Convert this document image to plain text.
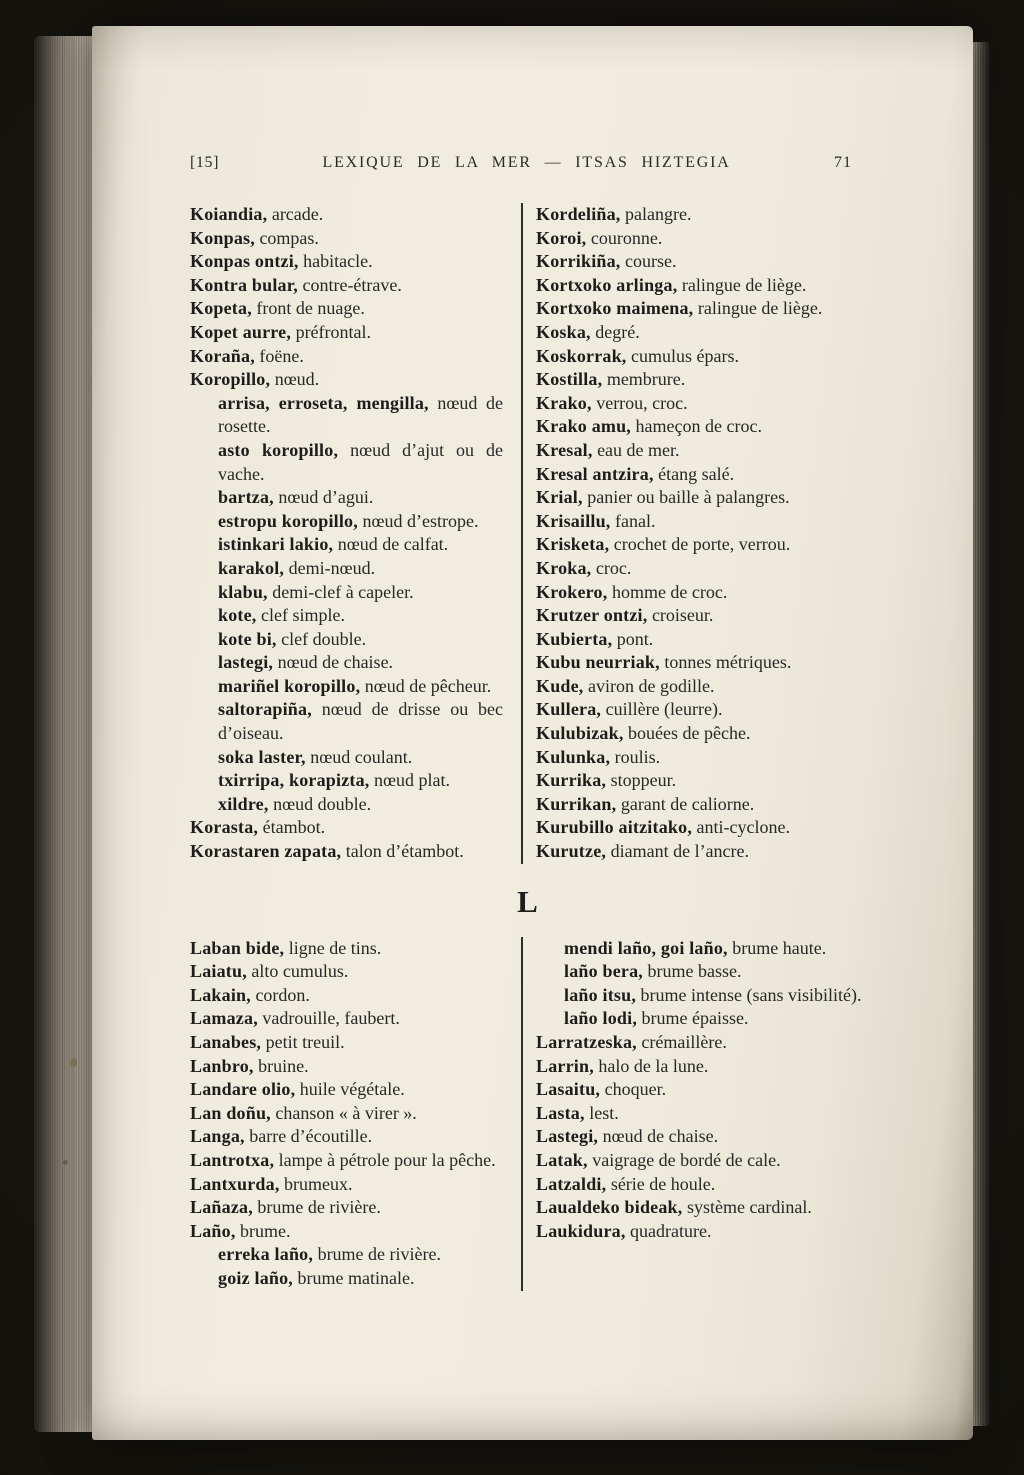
[15]	LEXIQUE DE LA MER — ITSAS HIZTEGIA	71

Koiandia, arcade.

Konpas, compas.

Konpas ontzi, habitacle.

Kontra bular, contre-étrave.

Kopeta, front de nuage.

Kopet aurre, préfrontal.

Koraña, foëne.

Koropillo, nœud.

arrisa, erroseta, mengilla, nœud de rosette.

asto koropillo, nœud d’ajut ou de vache.

bartza, nœud d’agui.

estropu koropillo, nœud d’estrope.

istinkari lakio, nœud de calfat.

karakol, demi-nœud.

klabu, demi-clef à capeler.

kote, clef simple.

kote bi, clef double.

lastegi, nœud de chaise.

mariñel koropillo, nœud de pêcheur.

saltorapiña, nœud de drisse ou bec d’oiseau.

soka laster, nœud coulant.

txirripa, korapizta, nœud plat.

xildre, nœud double.

Korasta, étambot.

Korastaren zapata, talon d’étambot.

Kordeliña, palangre.

Koroi, couronne.

Korrikiña, course.

Kortxoko arlinga, ralingue de liège.

Kortxoko maimena, ralingue de liège.

Koska, degré.

Koskorrak, cumulus épars.

Kostilla, membrure.

Krako, verrou, croc.

Krako amu, hameçon de croc.

Kresal, eau de mer.

Kresal antzira, étang salé.

Krial, panier ou baille à palangres.

Krisaillu, fanal.

Krisketa, crochet de porte, verrou.

Kroka, croc.

Krokero, homme de croc.

Krutzer ontzi, croiseur.

Kubierta, pont.

Kubu neurriak, tonnes métriques.

Kude, aviron de godille.

Kullera, cuillère (leurre).

Kulubizak, bouées de pêche.

Kulunka, roulis.

Kurrika, stoppeur.

Kurrikan, garant de caliorne.

Kurubillo aitzitako, anti-cyclone.

Kurutze, diamant de l’ancre.

L

Laban bide, ligne de tins.

Laiatu, alto cumulus.

Lakain, cordon.

Lamaza, vadrouille, faubert.

Lanabes, petit treuil.

Lanbro, bruine.

Landare olio, huile végétale.

Lan doñu, chanson « à virer ».

Langa, barre d’écoutille.

Lantrotxa, lampe à pétrole pour la pêche.

Lantxurda, brumeux.

Lañaza, brume de rivière.

Laño, brume.

erreka laño, brume de rivière.

goiz laño, brume matinale.

mendi laño, goi laño, brume haute.

laño bera, brume basse.

laño itsu, brume intense (sans visibilité).

laño lodi, brume épaisse.

Larratzeska, crémaillère.

Larrin, halo de la lune.

Lasaitu, choquer.

Lasta, lest.

Lastegi, nœud de chaise.

Latak, vaigrage de bordé de cale.

Latzaldi, série de houle.

Laualdeko bideak, système cardinal.

Laukidura, quadrature.
